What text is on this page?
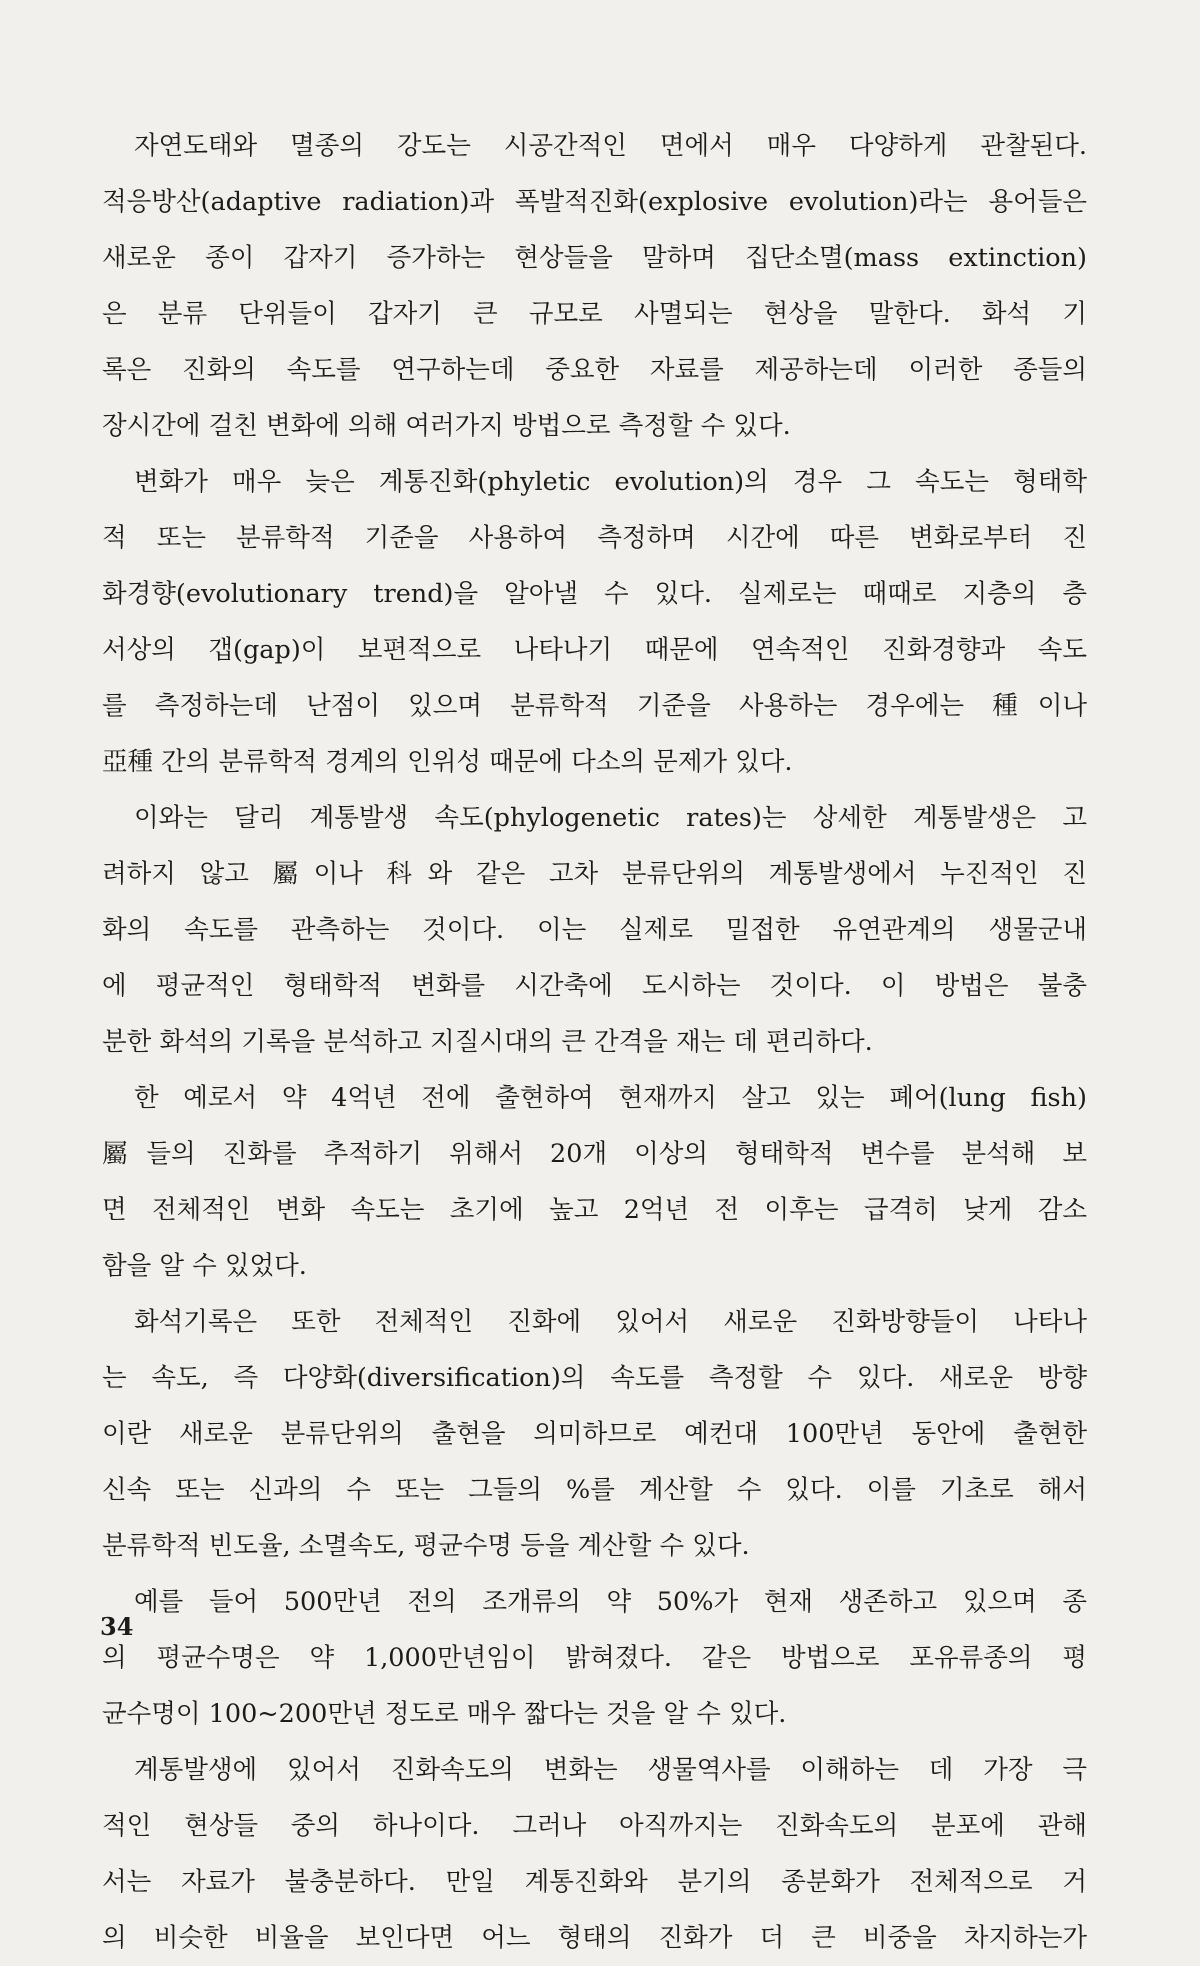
자연도태와 멸종의 강도는 시공간적인 면에서 매우 다양하게 관찰된다.
적응방산(adaptive radiation)과 폭발적진화(explosive evolution)라는 용어들은
새로운 종이 갑자기 증가하는 현상들을 말하며 집단소멸(mass extinction)
은 분류 단위들이 갑자기 큰 규모로 사멸되는 현상을 말한다. 화석 기
록은 진화의 속도를 연구하는데 중요한 자료를 제공하는데 이러한 종들의
장시간에 걸친 변화에 의해 여러가지 방법으로 측정할 수 있다.
변화가 매우 늦은 계통진화(phyletic evolution)의 경우 그 속도는 형태학
적 또는 분류학적 기준을 사용하여 측정하며 시간에 따른 변화로부터 진
화경향(evolutionary trend)을 알아낼 수 있다. 실제로는 때때로 지층의 층
서상의 갭(gap)이 보편적으로 나타나기 때문에 연속적인 진화경향과 속도
를 측정하는데 난점이 있으며 분류학적 기준을 사용하는 경우에는 種이나
亞種 간의 분류학적 경계의 인위성 때문에 다소의 문제가 있다.
이와는 달리 계통발생 속도(phylogenetic rates)는 상세한 계통발생은 고
려하지 않고 屬이나 科와 같은 고차 분류단위의 계통발생에서 누진적인 진
화의 속도를 관측하는 것이다. 이는 실제로 밀접한 유연관계의 생물군내
에 평균적인 형태학적 변화를 시간축에 도시하는 것이다. 이 방법은 불충
분한 화석의 기록을 분석하고 지질시대의 큰 간격을 재는 데 편리하다.
한 예로서 약 4억년 전에 출현하여 현재까지 살고 있는 폐어(lung fish)
屬들의 진화를 추적하기 위해서 20개 이상의 형태학적 변수를 분석해 보
면 전체적인 변화 속도는 초기에 높고 2억년 전 이후는 급격히 낮게 감소
함을 알 수 있었다.
화석기록은 또한 전체적인 진화에 있어서 새로운 진화방향들이 나타나
는 속도, 즉 다양화(diversification)의 속도를 측정할 수 있다. 새로운 방향
이란 새로운 분류단위의 출현을 의미하므로 예컨대 100만년 동안에 출현한
신속 또는 신과의 수 또는 그들의 %를 계산할 수 있다. 이를 기초로 해서
분류학적 빈도율, 소멸속도, 평균수명 등을 계산할 수 있다.
예를 들어 500만년 전의 조개류의 약 50%가 현재 생존하고 있으며 종
의 평균수명은 약 1,000만년임이 밝혀졌다. 같은 방법으로 포유류종의 평
균수명이 100~200만년 정도로 매우 짧다는 것을 알 수 있다.
계통발생에 있어서 진화속도의 변화는 생물역사를 이해하는 데 가장 극
적인 현상들 중의 하나이다. 그러나 아직까지는 진화속도의 분포에 관해
서는 자료가 불충분하다. 만일 계통진화와 분기의 종분화가 전체적으로 거
의 비슷한 비율을 보인다면 어느 형태의 진화가 더 큰 비중을 차지하는가
34
